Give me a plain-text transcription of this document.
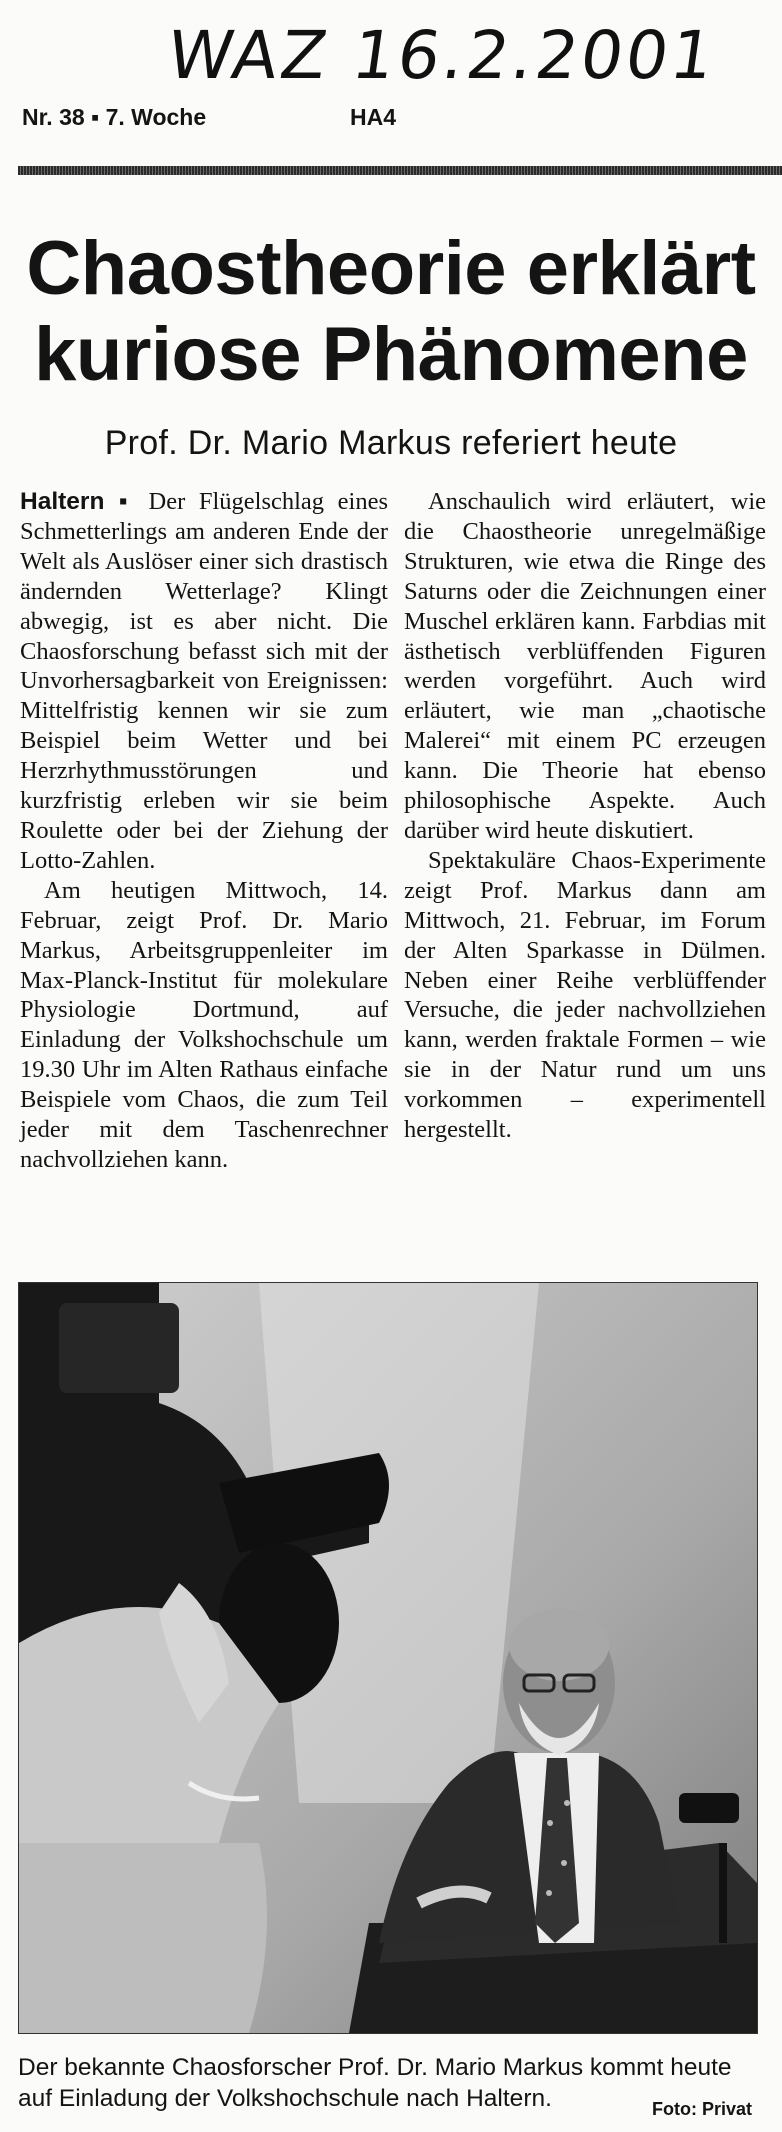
WAZ 16.2.2001
Nr. 38 ▪ 7. Woche	HA4
Chaostheorie erklärt
kuriose Phänomene
Prof. Dr. Mario Markus referiert heute

Haltern ▪ Der Flügelschlag eines Schmetterlings am anderen Ende der Welt als Auslöser einer sich drastisch ändernden Wetterlage? Klingt abwegig, ist es aber nicht. Die Chaosforschung befasst sich mit der Unvorhersagbarkeit von Ereignissen: Mittelfristig kennen wir sie zum Beispiel beim Wetter und bei Herzrhythmusstörungen und kurzfristig erleben wir sie beim Roulette oder bei der Ziehung der Lotto-Zahlen.

Am heutigen Mittwoch, 14. Februar, zeigt Prof. Dr. Mario Markus, Arbeitsgruppenleiter im Max-Planck-Institut für molekulare Physiologie Dortmund, auf Einladung der Volkshochschule um 19.30 Uhr im Alten Rathaus einfache Beispiele vom Chaos, die zum Teil jeder mit dem Taschenrechner nachvollziehen kann.

Anschaulich wird erläutert, wie die Chaostheorie unregelmäßige Strukturen, wie etwa die Ringe des Saturns oder die Zeichnungen einer Muschel erklären kann. Farbdias mit ästhetisch verblüffenden Figuren werden vorgeführt. Auch wird erläutert, wie man „chaotische Malerei“ mit einem PC erzeugen kann. Die Theorie hat ebenso philosophische Aspekte. Auch darüber wird heute diskutiert.

Spektakuläre Chaos-Experimente zeigt Prof. Markus dann am Mittwoch, 21. Februar, im Forum der Alten Sparkasse in Dülmen. Neben einer Reihe verblüffender Versuche, die jeder nachvollziehen kann, werden fraktale Formen – wie sie in der Natur rund um uns vorkommen – experimentell hergestellt.

Der bekannte Chaosforscher Prof. Dr. Mario Markus kommt heute
auf Einladung der Volkshochschule nach Haltern.	Foto: Privat
